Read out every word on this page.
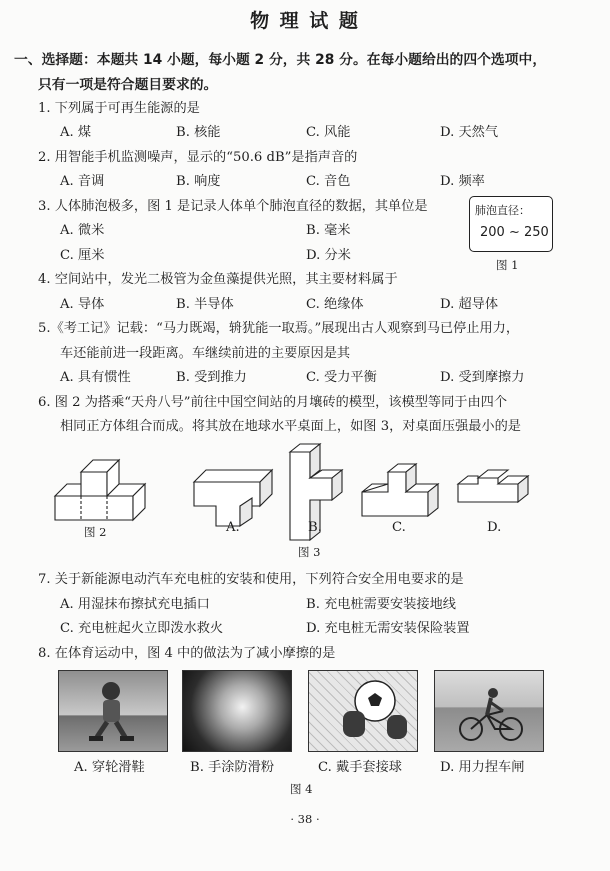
物 理 试 题
一、选择题：本题共 14 小题，每小题 2 分，共 28 分。在每小题给出的四个选项中，
只有一项是符合题目要求的。
1. 下列属于可再生能源的是
A. 煤	B. 核能	C. 风能	D. 天然气
2. 用智能手机监测噪声，显示的“50.6 dB”是指声音的
A. 音调	B. 响度	C. 音色	D. 频率
3. 人体肺泡极多，图 1 是记录人体单个肺泡直径的数据，其单位是
A. 微米	B. 毫米
C. 厘米	D. 分米
肺泡直径：
200 ~ 250
图 1
4. 空间站中，发光二极管为金鱼藻提供光照，其主要材料属于
A. 导体	B. 半导体	C. 绝缘体	D. 超导体
5.《考工记》记载：“马力既竭，辀犹能一取焉。”展现出古人观察到马已停止用力，
车还能前进一段距离。车继续前进的主要原因是其
A. 具有惯性	B. 受到推力	C. 受力平衡	D. 受到摩擦力
6. 图 2 为搭乘“天舟八号”前往中国空间站的月壤砖的模型，该模型等同于由四个
相同正方体组合而成。将其放在地球水平桌面上，如图 3，对桌面压强最小的是
图 2	A.	B.	C.	D.
图 3
7. 关于新能源电动汽车充电桩的安装和使用，下列符合安全用电要求的是
A. 用湿抹布擦拭充电插口	B. 充电桩需要安装接地线
C. 充电桩起火立即泼水救火	D. 充电桩无需安装保险装置
8. 在体育运动中，图 4 中的做法为了减小摩擦的是
A. 穿轮滑鞋	B. 手涂防滑粉	C. 戴手套接球	D. 用力捏车闸
图 4
· 38 ·
